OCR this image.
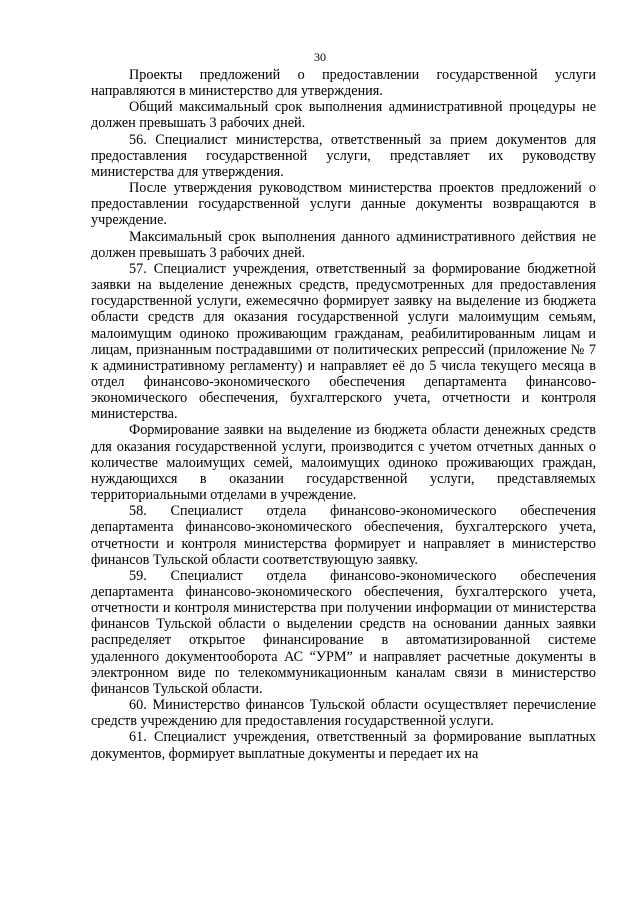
30

Проекты предложений о предоставлении государственной услуги направляются в министерство для утверждения.

Общий максимальный срок выполнения административной процедуры не должен превышать 3 рабочих дней.

56. Специалист министерства, ответственный за прием документов для предоставления государственной услуги, представляет их руководству министерства для утверждения.

После утверждения руководством министерства проектов предложений о предоставлении государственной услуги данные документы возвращаются в учреждение.

Максимальный срок выполнения данного административного действия не должен превышать 3 рабочих дней.

57. Специалист учреждения, ответственный за формирование бюджетной заявки на выделение денежных средств, предусмотренных для предоставления государственной услуги, ежемесячно формирует заявку на выделение из бюджета области средств для оказания государственной услуги малоимущим семьям, малоимущим одиноко проживающим гражданам, реабилитированным лицам и лицам, признанным пострадавшими от политических репрессий (приложение № 7 к административному регламенту) и направляет её до 5 числа текущего месяца в отдел финансово-экономического обеспечения департамента финансово-экономического обеспечения, бухгалтерского учета, отчетности и контроля министерства.

Формирование заявки на выделение из бюджета области денежных средств для оказания государственной услуги, производится с учетом отчетных данных о количестве малоимущих семей, малоимущих одиноко проживающих граждан, нуждающихся в оказании государственной услуги, представляемых территориальными отделами в учреждение.

58. Специалист отдела финансово-экономического обеспечения департамента финансово-экономического обеспечения, бухгалтерского учета, отчетности и контроля министерства формирует и направляет в министерство финансов Тульской области соответствующую заявку.

59. Специалист отдела финансово-экономического обеспечения департамента финансово-экономического обеспечения, бухгалтерского учета, отчетности и контроля министерства при получении информации от министерства финансов Тульской области о выделении средств на основании данных заявки распределяет открытое финансирование в автоматизированной системе удаленного документооборота АС “УРМ” и направляет расчетные документы в электронном виде по телекоммуникационным каналам связи в министерство финансов Тульской области.

60. Министерство финансов Тульской области осуществляет перечисление средств учреждению для предоставления государственной услуги.

61. Специалист учреждения, ответственный за формирование выплатных документов, формирует выплатные документы и передает их на
